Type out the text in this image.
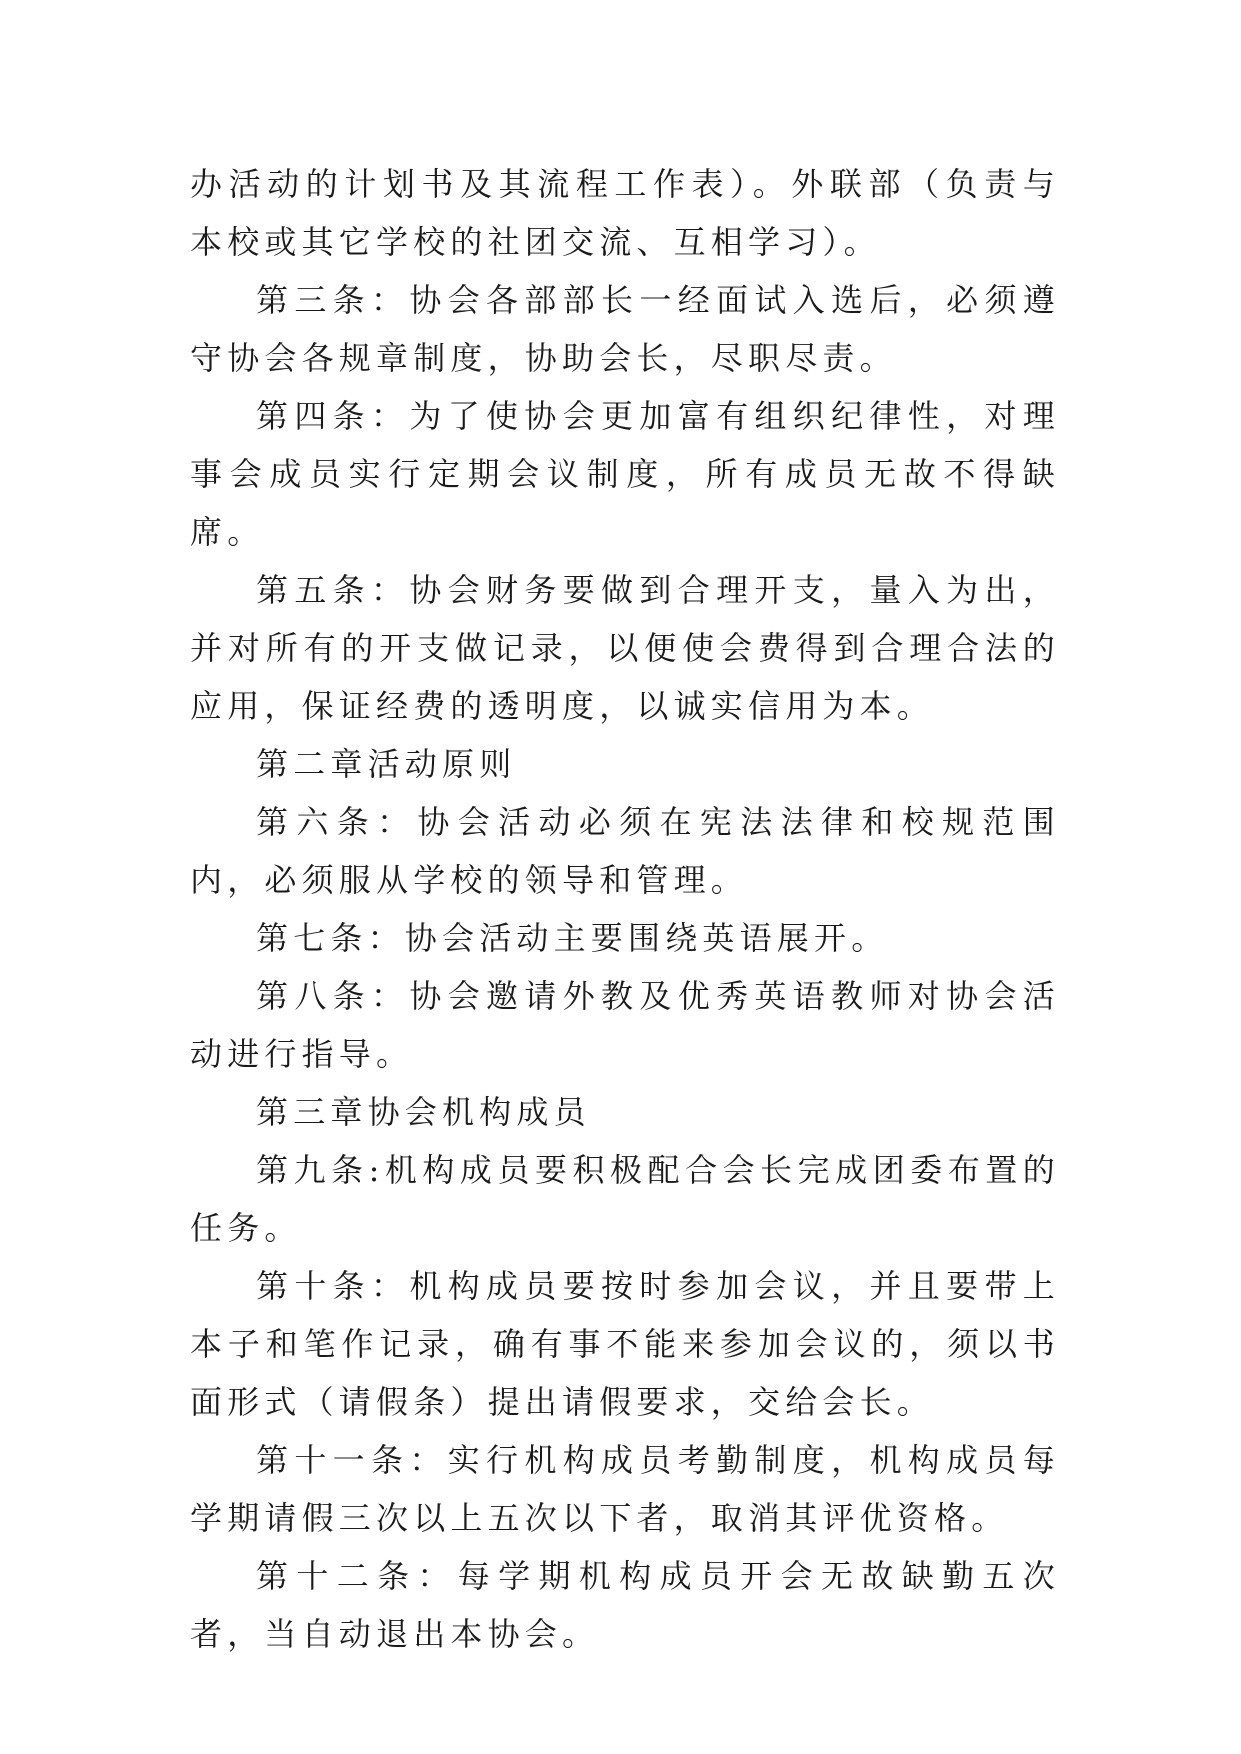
办活动的计划书及其流程工作表）。外联部（负责与本校或其它学校的社团交流、互相学习）。

第三条：协会各部部长一经面试入选后，必须遵守协会各规章制度，协助会长，尽职尽责。

第四条：为了使协会更加富有组织纪律性，对理事会成员实行定期会议制度，所有成员无故不得缺席。

第五条：协会财务要做到合理开支，量入为出，并对所有的开支做记录，以便使会费得到合理合法的应用，保证经费的透明度，以诚实信用为本。

第二章活动原则

第六条：协会活动必须在宪法法律和校规范围内，必须服从学校的领导和管理。

第七条：协会活动主要围绕英语展开。

第八条：协会邀请外教及优秀英语教师对协会活动进行指导。

第三章协会机构成员

第九条:机构成员要积极配合会长完成团委布置的任务。

第十条：机构成员要按时参加会议，并且要带上本子和笔作记录，确有事不能来参加会议的，须以书面形式（请假条）提出请假要求，交给会长。

第十一条：实行机构成员考勤制度，机构成员每学期请假三次以上五次以下者，取消其评优资格。

第十二条：每学期机构成员开会无故缺勤五次者，当自动退出本协会。
